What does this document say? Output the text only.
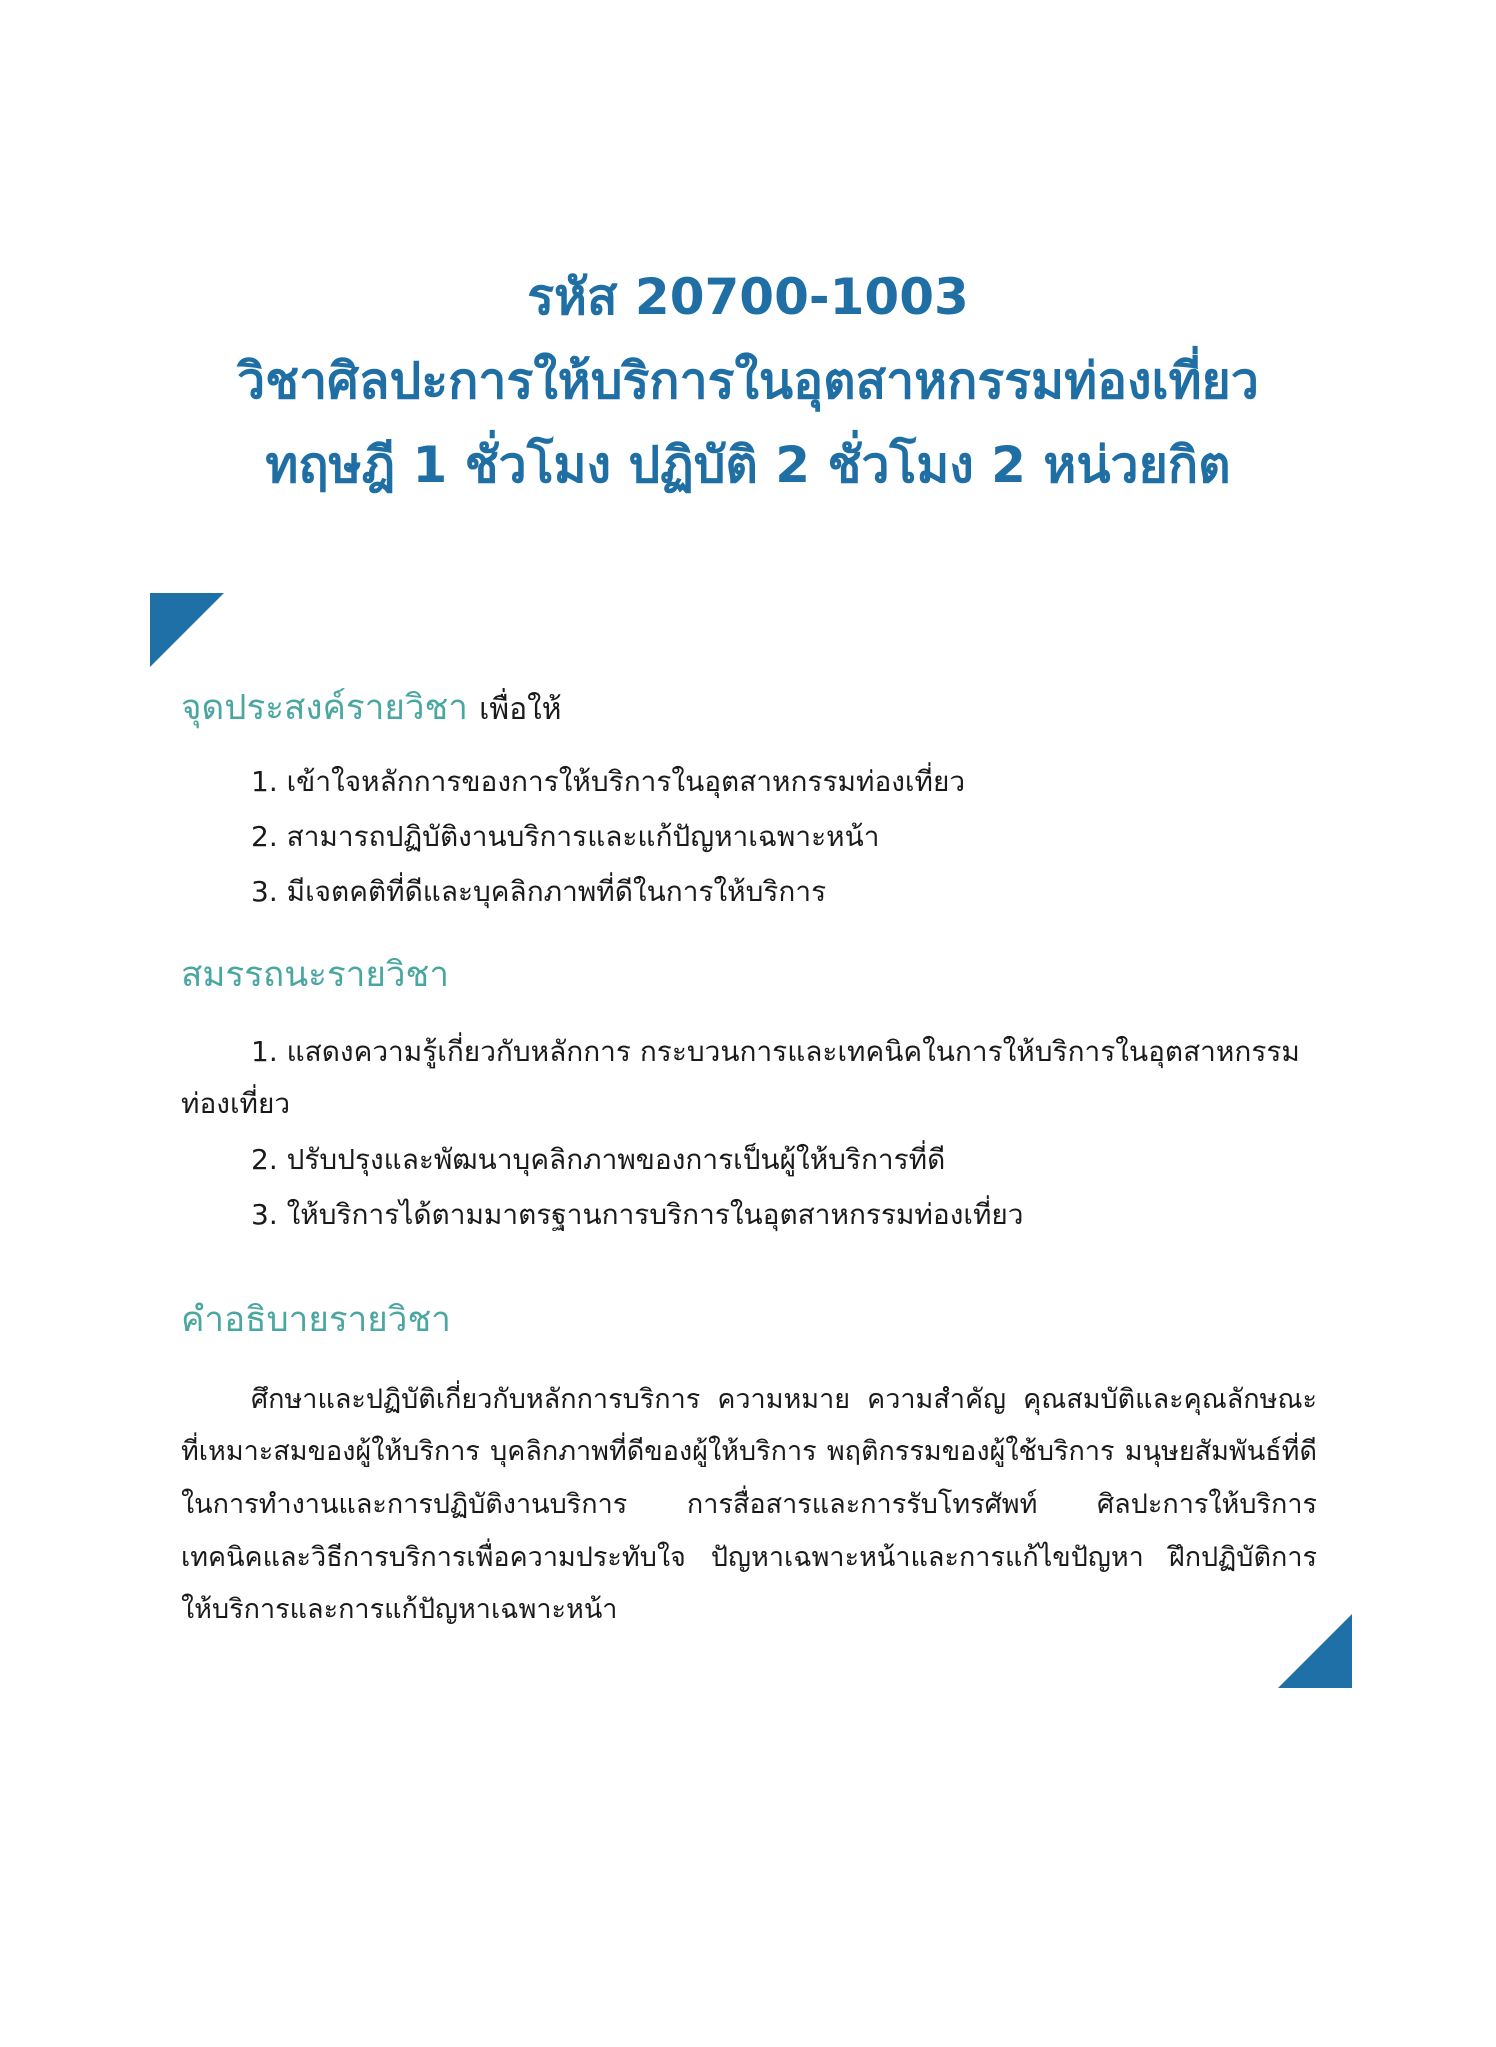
รหัส 20700-1003
วิชาศิลปะการให้บริการในอุตสาหกรรมท่องเที่ยว
ทฤษฎี 1 ชั่วโมง ปฏิบัติ 2 ชั่วโมง 2 หน่วยกิต
จุดประสงค์รายวิชา เพื่อให้
1. เข้าใจหลักการของการให้บริการในอุตสาหกรรมท่องเที่ยว
2. สามารถปฏิบัติงานบริการและแก้ปัญหาเฉพาะหน้า
3. มีเจตคติที่ดีและบุคลิกภาพที่ดีในการให้บริการ
สมรรถนะรายวิชา
1. แสดงความรู้เกี่ยวกับหลักการ กระบวนการและเทคนิคในการให้บริการในอุตสาหกรรม
ท่องเที่ยว
2. ปรับปรุงและพัฒนาบุคลิกภาพของการเป็นผู้ให้บริการที่ดี
3. ให้บริการได้ตามมาตรฐานการบริการในอุตสาหกรรมท่องเที่ยว
คำอธิบายรายวิชา
ศึกษาและปฏิบัติเกี่ยวกับหลักการบริการ ความหมาย ความสำคัญ คุณสมบัติและคุณลักษณะ
ที่เหมาะสมของผู้ให้บริการ บุคลิกภาพที่ดีของผู้ให้บริการ พฤติกรรมของผู้ใช้บริการ มนุษยสัมพันธ์ที่ดี
ในการทำงานและการปฏิบัติงานบริการ การสื่อสารและการรับโทรศัพท์ ศิลปะการให้บริการ
เทคนิคและวิธีการบริการเพื่อความประทับใจ ปัญหาเฉพาะหน้าและการแก้ไขปัญหา ฝึกปฏิบัติการ
ให้บริการและการแก้ปัญหาเฉพาะหน้า
